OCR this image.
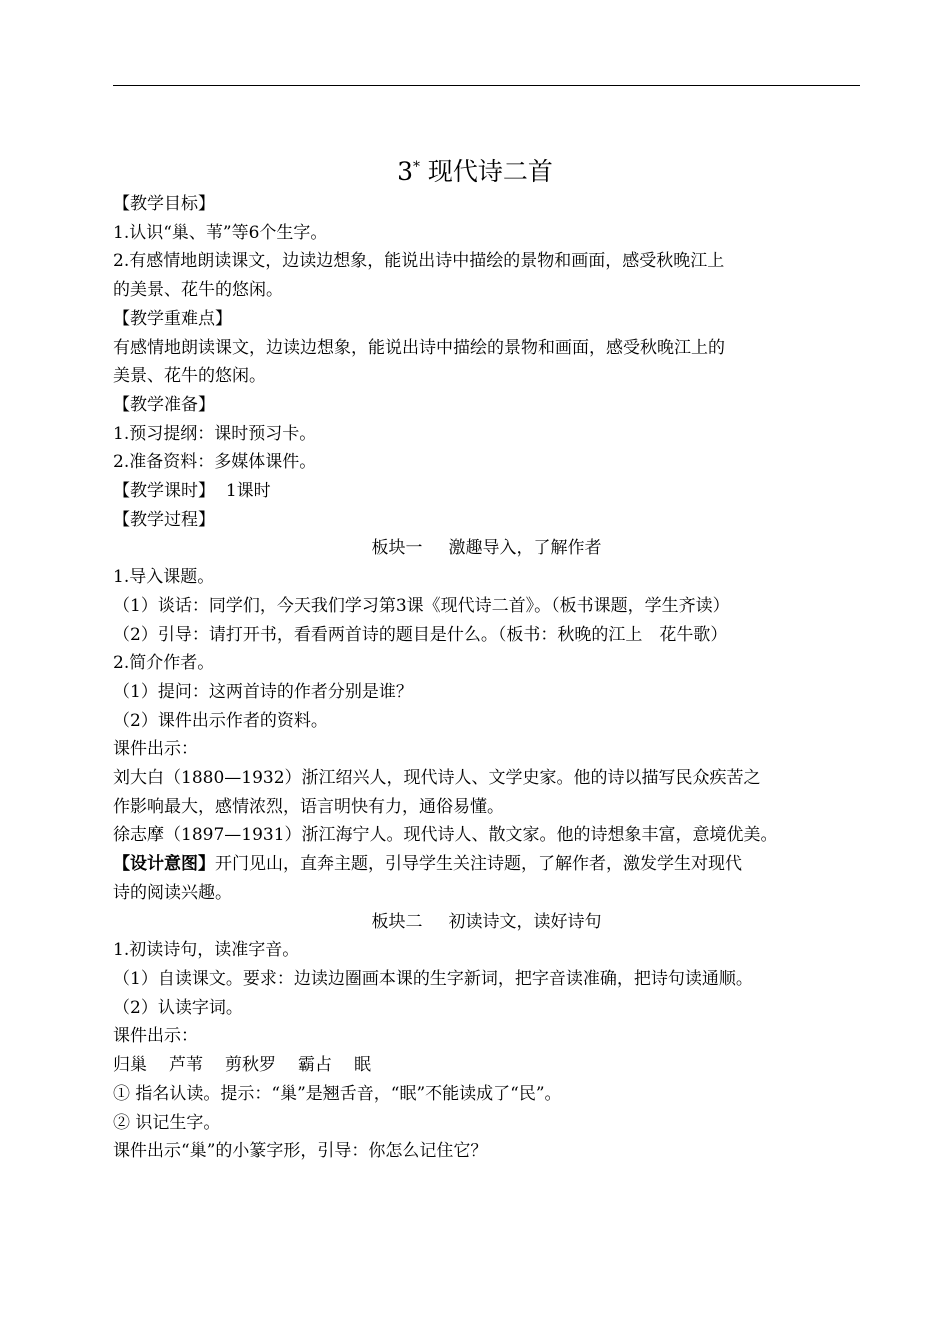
3* 现代诗二首

【教学目标】

1.认识“巢、苇”等6个生字。

2.有感情地朗读课文，边读边想象，能说出诗中描绘的景物和画面，感受秋晚江上

的美景、花牛的悠闲。

【教学重难点】

有感情地朗读课文，边读边想象，能说出诗中描绘的景物和画面，感受秋晚江上的

美景、花牛的悠闲。

【教学准备】

1.预习提纲：课时预习卡。

2.准备资料：多媒体课件。

【教学课时】 1课时

【教学过程】

板块一 激趣导入，了解作者

1.导入课题。

（1）谈话：同学们，今天我们学习第3课《现代诗二首》。（板书课题，学生齐读）

（2）引导：请打开书，看看两首诗的题目是什么。（板书：秋晚的江上　花牛歌）

2.简介作者。

（1）提问：这两首诗的作者分别是谁？

（2）课件出示作者的资料。

课件出示：

刘大白（1880—1932）浙江绍兴人，现代诗人、文学史家。他的诗以描写民众疾苦之

作影响最大，感情浓烈，语言明快有力，通俗易懂。

徐志摩（1897—1931）浙江海宁人。现代诗人、散文家。他的诗想象丰富，意境优美。

【设计意图】开门见山，直奔主题，引导学生关注诗题，了解作者，激发学生对现代

诗的阅读兴趣。

板块二 初读诗文，读好诗句

1.初读诗句，读准字音。

（1）自读课文。要求：边读边圈画本课的生字新词，把字音读准确，把诗句读通顺。

（2）认读字词。

课件出示：

归巢 芦苇 剪秋罗 霸占 眠

① 指名认读。提示：“巢”是翘舌音，“眠”不能读成了“民”。

② 识记生字。

课件出示“巢”的小篆字形，引导：你怎么记住它？
